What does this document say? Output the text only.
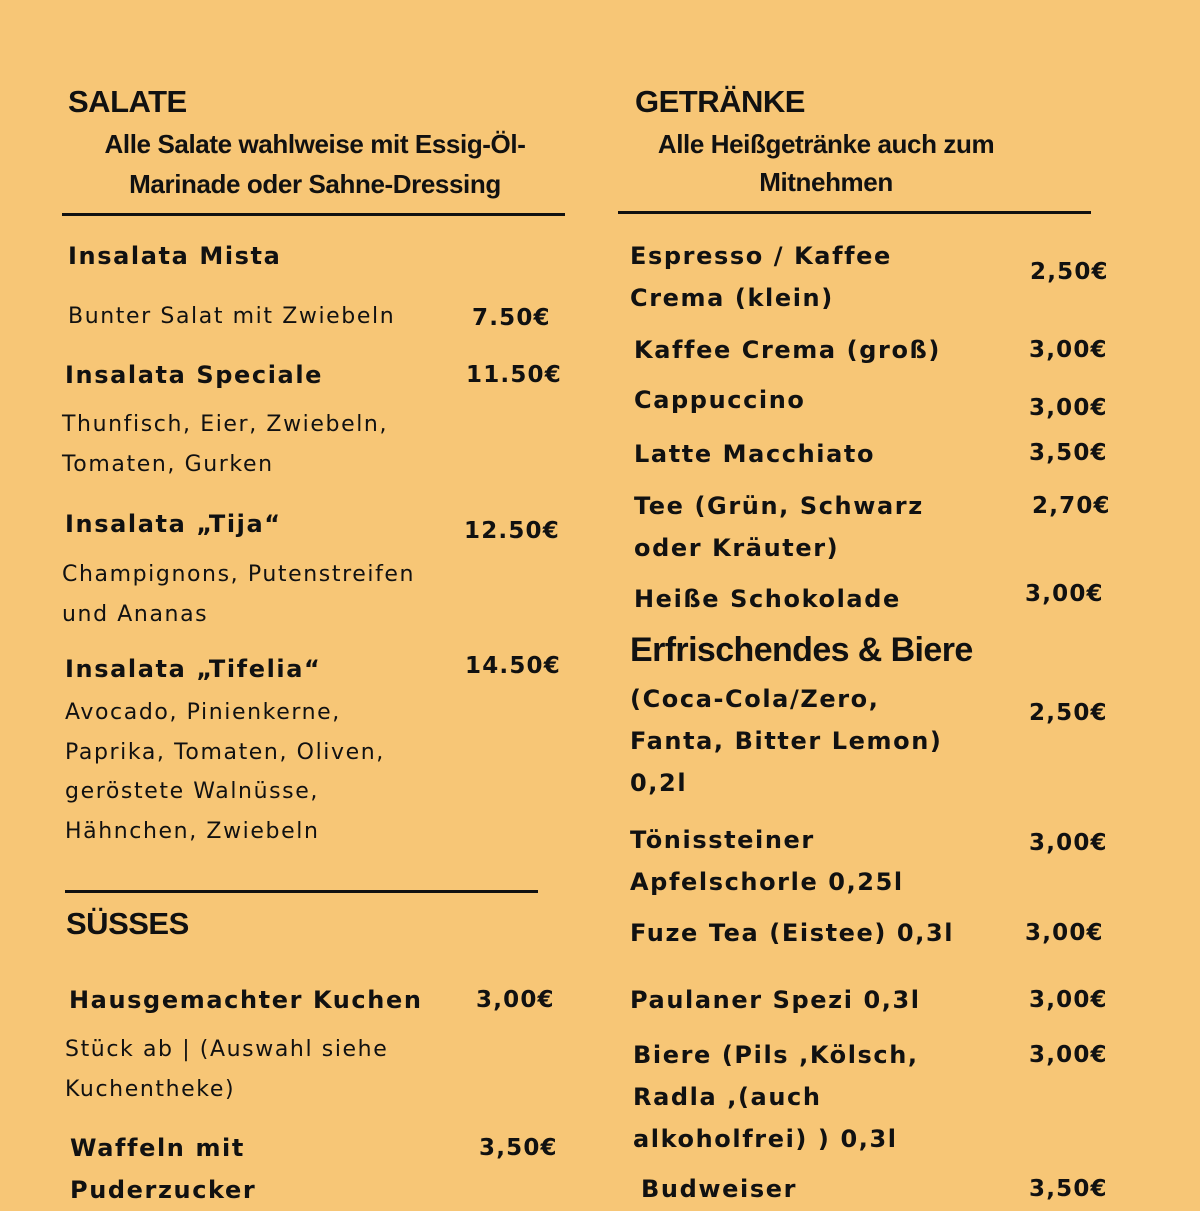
SALATE
Alle Salate wahlweise mit Essig-Öl-
Marinade oder Sahne-Dressing
Insalata Mista
Bunter Salat mit Zwiebeln	7.50€
Insalata Speciale	11.50€
Thunfisch, Eier, Zwiebeln,
Tomaten, Gurken
Insalata „Tija“	12.50€
Champignons, Putenstreifen
und Ananas
Insalata „Tifelia“	14.50€
Avocado, Pinienkerne,
Paprika, Tomaten, Oliven,
geröstete Walnüsse,
Hähnchen, Zwiebeln
SÜSSES
Hausgemachter Kuchen 3,00€
Stück ab | (Auswahl siehe
Kuchentheke)
Waffeln mit
Puderzucker
3,50€
GETRÄNKE
Alle Heißgetränke auch zum
Mitnehmen
Espresso / Kaffee
Crema (klein)
2,50€
Kaffee Crema (groß)	3,00€
Cappuccino	3,00€
Latte Macchiato	3,50€
Tee (Grün, Schwarz
oder Kräuter)
2,70€
Heiße Schokolade	3,00€
Erfrischendes & Biere
(Coca-Cola/Zero,
Fanta, Bitter Lemon)
0,2l
2,50€
Tönissteiner
Apfelschorle 0,25l
3,00€
Fuze Tea (Eistee) 0,3l	3,00€
Paulaner Spezi 0,3l	3,00€
Biere (Pils ,Kölsch,
Radla ,(auch
alkoholfrei) ) 0,3l
3,00€
Budweiser	3,50€
